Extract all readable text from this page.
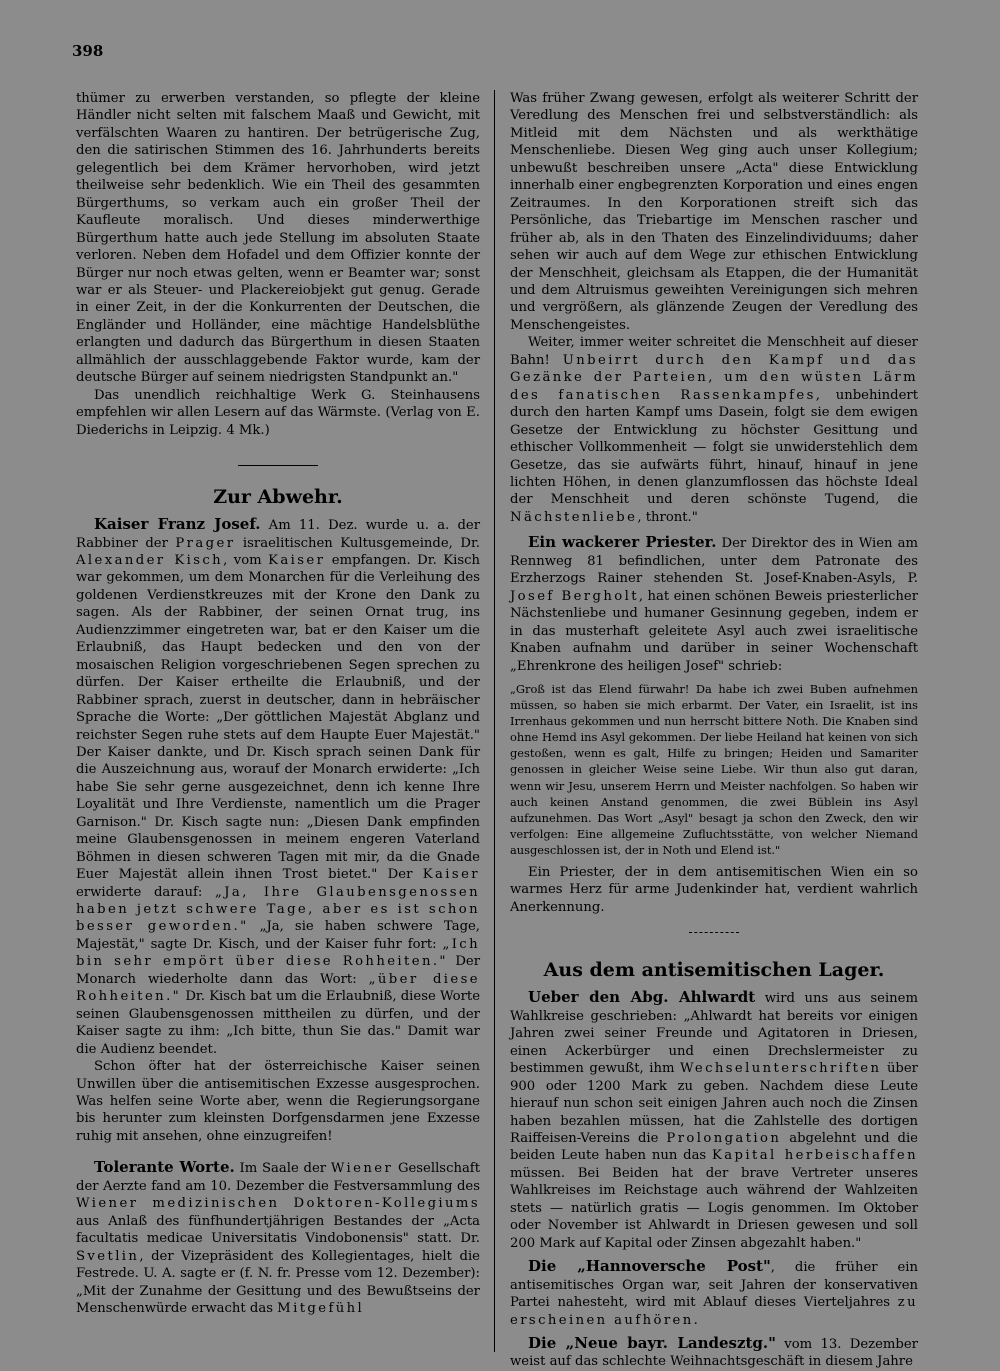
398

thümer zu erwerben verstanden, so pflegte der kleine Händler nicht selten mit falschem Maaß und Gewicht, mit verfälschten Waaren zu hantiren. Der betrügerische Zug, den die satirischen Stimmen des 16. Jahrhunderts bereits gelegentlich bei dem Krämer hervorhoben, wird jetzt theilweise sehr bedenklich. Wie ein Theil des gesammten Bürgerthums, so verkam auch ein großer Theil der Kaufleute moralisch. Und dieses minderwerthige Bürgerthum hatte auch jede Stellung im absoluten Staate verloren. Neben dem Hofadel und dem Offizier konnte der Bürger nur noch etwas gelten, wenn er Beamter war; sonst war er als Steuer- und Plackereiobjekt gut genug. Gerade in einer Zeit, in der die Konkurrenten der Deutschen, die Engländer und Holländer, eine mächtige Handelsblüthe erlangten und dadurch das Bürgerthum in diesen Staaten allmählich der ausschlaggebende Faktor wurde, kam der deutsche Bürger auf seinem niedrigsten Standpunkt an."

Das unendlich reichhaltige Werk G. Steinhausens empfehlen wir allen Lesern auf das Wärmste. (Verlag von E. Diederichs in Leipzig. 4 Mk.)

Zur Abwehr.

Kaiser Franz Josef. Am 11. Dez. wurde u. a. der Rabbiner der Prager israelitischen Kultusgemeinde, Dr. Alexander Kisch, vom Kaiser empfangen. Dr. Kisch war gekommen, um dem Monarchen für die Verleihung des goldenen Verdienstkreuzes mit der Krone den Dank zu sagen. Als der Rabbiner, der seinen Ornat trug, ins Audienzzimmer eingetreten war, bat er den Kaiser um die Erlaubniß, das Haupt bedecken und den von der mosaischen Religion vorgeschriebenen Segen sprechen zu dürfen. Der Kaiser ertheilte die Erlaubniß, und der Rabbiner sprach, zuerst in deutscher, dann in hebräischer Sprache die Worte: „Der göttlichen Majestät Abglanz und reichster Segen ruhe stets auf dem Haupte Euer Majestät." Der Kaiser dankte, und Dr. Kisch sprach seinen Dank für die Auszeichnung aus, worauf der Monarch erwiderte: „Ich habe Sie sehr gerne ausgezeichnet, denn ich kenne Ihre Loyalität und Ihre Verdienste, namentlich um die Prager Garnison." Dr. Kisch sagte nun: „Diesen Dank empfinden meine Glaubensgenossen in meinem engeren Vaterland Böhmen in diesen schweren Tagen mit mir, da die Gnade Euer Majestät allein ihnen Trost bietet." Der Kaiser erwiderte darauf: „Ja, Ihre Glaubensgenossen haben jetzt schwere Tage, aber es ist schon besser geworden." „Ja, sie haben schwere Tage, Majestät," sagte Dr. Kisch, und der Kaiser fuhr fort: „Ich bin sehr empört über diese Rohheiten." Der Monarch wiederholte dann das Wort: „über diese Rohheiten." Dr. Kisch bat um die Erlaubniß, diese Worte seinen Glaubensgenossen mittheilen zu dürfen, und der Kaiser sagte zu ihm: „Ich bitte, thun Sie das." Damit war die Audienz beendet.

Schon öfter hat der österreichische Kaiser seinen Unwillen über die antisemitischen Exzesse ausgesprochen. Was helfen seine Worte aber, wenn die Regierungsorgane bis herunter zum kleinsten Dorfgensdarmen jene Exzesse ruhig mit ansehen, ohne einzugreifen!

Tolerante Worte. Im Saale der Wiener Gesellschaft der Aerzte fand am 10. Dezember die Festversammlung des Wiener medizinischen Doktoren-Kollegiums aus Anlaß des fünfhundertjährigen Bestandes der „Acta facultatis medicae Universitatis Vindobonensis" statt. Dr. Svetlin, der Vizepräsident des Kollegientages, hielt die Festrede. U. A. sagte er (f. N. fr. Presse vom 12. Dezember): „Mit der Zunahme der Gesittung und des Bewußtseins der Menschenwürde erwacht das Mitgefühl

Was früher Zwang gewesen, erfolgt als weiterer Schritt der Veredlung des Menschen frei und selbstverständlich: als Mitleid mit dem Nächsten und als werkthätige Menschenliebe. Diesen Weg ging auch unser Kollegium; unbewußt beschreiben unsere „Acta" diese Entwicklung innerhalb einer engbegrenzten Korporation und eines engen Zeitraumes. In den Korporationen streift sich das Persönliche, das Triebartige im Menschen rascher und früher ab, als in den Thaten des Einzelindividuums; daher sehen wir auch auf dem Wege zur ethischen Entwicklung der Menschheit, gleichsam als Etappen, die der Humanität und dem Altruismus geweihten Vereinigungen sich mehren und vergrößern, als glänzende Zeugen der Veredlung des Menschengeistes.

Weiter, immer weiter schreitet die Menschheit auf dieser Bahn! Unbeirrt durch den Kampf und das Gezänke der Parteien, um den wüsten Lärm des fanatischen Rassenkampfes, unbehindert durch den harten Kampf ums Dasein, folgt sie dem ewigen Gesetze der Entwicklung zu höchster Gesittung und ethischer Vollkommenheit — folgt sie unwiderstehlich dem Gesetze, das sie aufwärts führt, hinauf, hinauf in jene lichten Höhen, in denen glanzumflossen das höchste Ideal der Menschheit und deren schönste Tugend, die Nächstenliebe, thront."

Ein wackerer Priester. Der Direktor des in Wien am Rennweg 81 befindlichen, unter dem Patronate des Erzherzogs Rainer stehenden St. Josef-Knaben-Asyls, P. Josef Bergholt, hat einen schönen Beweis priesterlicher Nächstenliebe und humaner Gesinnung gegeben, indem er in das musterhaft geleitete Asyl auch zwei israelitische Knaben aufnahm und darüber in seiner Wochenschaft „Ehrenkrone des heiligen Josef" schrieb:

„Groß ist das Elend fürwahr! Da habe ich zwei Buben aufnehmen müssen, so haben sie mich erbarmt. Der Vater, ein Israelit, ist ins Irrenhaus gekommen und nun herrscht bittere Noth. Die Knaben sind ohne Hemd ins Asyl gekommen. Der liebe Heiland hat keinen von sich gestoßen, wenn es galt, Hilfe zu bringen; Heiden und Samariter genossen in gleicher Weise seine Liebe. Wir thun also gut daran, wenn wir Jesu, unserem Herrn und Meister nachfolgen. So haben wir auch keinen Anstand genommen, die zwei Büblein ins Asyl aufzunehmen. Das Wort „Asyl" besagt ja schon den Zweck, den wir verfolgen: Eine allgemeine Zufluchtsstätte, von welcher Niemand ausgeschlossen ist, der in Noth und Elend ist."

Ein Priester, der in dem antisemitischen Wien ein so warmes Herz für arme Judenkinder hat, verdient wahrlich Anerkennung.

Aus dem antisemitischen Lager.

Ueber den Abg. Ahlwardt wird uns aus seinem Wahlkreise geschrieben: „Ahlwardt hat bereits vor einigen Jahren zwei seiner Freunde und Agitatoren in Driesen, einen Ackerbürger und einen Drechslermeister zu bestimmen gewußt, ihm Wechselunterschriften über 900 oder 1200 Mark zu geben. Nachdem diese Leute hierauf nun schon seit einigen Jahren auch noch die Zinsen haben bezahlen müssen, hat die Zahlstelle des dortigen Raiffeisen-Vereins die Prolongation abgelehnt und die beiden Leute haben nun das Kapital herbeischaffen müssen. Bei Beiden hat der brave Vertreter unseres Wahlkreises im Reichstage auch während der Wahlzeiten stets — natürlich gratis — Logis genommen. Im Oktober oder November ist Ahlwardt in Driesen gewesen und soll 200 Mark auf Kapital oder Zinsen abgezahlt haben."

Die „Hannoversche Post", die früher ein antisemitisches Organ war, seit Jahren der konservativen Partei nahesteht, wird mit Ablauf dieses Vierteljahres zu erscheinen aufhören.

Die „Neue bayr. Landesztg." vom 13. Dezember weist auf das schlechte Weihnachtsgeschäft in diesem Jahre
